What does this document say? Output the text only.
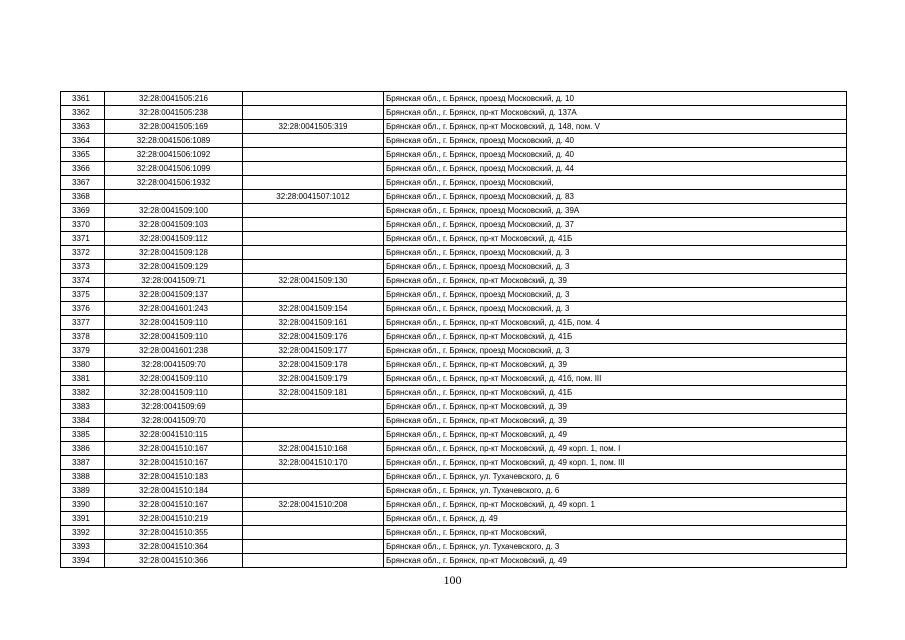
3361	32:28:0041505:216		Брянская обл., г. Брянск, проезд Московский, д. 10
3362	32:28:0041505:238		Брянская обл., г. Брянск, пр-кт Московский, д. 137А
3363	32:28:0041505:169	32:28:0041505:319	Брянская обл., г. Брянск, пр-кт Московский, д. 148, пом. V
3364	32:28:0041506:1089		Брянская обл., г. Брянск, проезд Московский, д. 40
3365	32:28:0041506:1092		Брянская обл., г. Брянск, проезд Московский, д. 40
3366	32:28:0041506:1099		Брянская обл., г. Брянск, проезд Московский, д. 44
3367	32:28:0041506:1932		Брянская обл., г. Брянск, проезд Московский,
3368		32:28:0041507:1012	Брянская обл., г. Брянск, проезд Московский, д. 83
3369	32:28:0041509:100		Брянская обл., г. Брянск, проезд Московский, д. 39А
3370	32:28:0041509:103		Брянская обл., г. Брянск, проезд Московский, д. 37
3371	32:28:0041509:112		Брянская обл., г. Брянск, пр-кт Московский, д. 41Б
3372	32:28:0041509:128		Брянская обл., г. Брянск, проезд Московский, д. 3
3373	32:28:0041509:129		Брянская обл., г. Брянск, проезд Московский, д. 3
3374	32:28:0041509:71	32:28:0041509:130	Брянская обл., г. Брянск, пр-кт Московский, д. 39
3375	32:28:0041509:137		Брянская обл., г. Брянск, проезд Московский, д. 3
3376	32:28:0041601:243	32:28:0041509:154	Брянская обл., г. Брянск, проезд Московский, д. 3
3377	32:28:0041509:110	32:28:0041509:161	Брянская обл., г. Брянск, пр-кт Московский, д. 41Б, пом. 4
3378	32:28:0041509:110	32:28:0041509:176	Брянская обл., г. Брянск, пр-кт Московский, д. 41Б
3379	32:28:0041601:238	32:28:0041509:177	Брянская обл., г. Брянск, проезд Московский, д. 3
3380	32:28:0041509:70	32:28:0041509:178	Брянская обл., г. Брянск, пр-кт Московский, д. 39
3381	32:28:0041509:110	32:28:0041509:179	Брянская обл., г. Брянск, пр-кт Московский, д. 41б, пом. III
3382	32:28:0041509:110	32:28:0041509:181	Брянская обл., г. Брянск, пр-кт Московский, д. 41Б
3383	32:28:0041509:69		Брянская обл., г. Брянск, пр-кт Московский, д. 39
3384	32:28:0041509:70		Брянская обл., г. Брянск, пр-кт Московский, д. 39
3385	32:28:0041510:115		Брянская обл., г. Брянск, пр-кт Московский, д. 49
3386	32:28:0041510:167	32:28:0041510:168	Брянская обл., г. Брянск, пр-кт Московский, д. 49 корп. 1, пом. I
3387	32:28:0041510:167	32:28:0041510:170	Брянская обл., г. Брянск, пр-кт Московский, д. 49 корп. 1, пом. III
3388	32:28:0041510:183		Брянская обл., г. Брянск, ул. Тухачевского, д. 6
3389	32:28:0041510:184		Брянская обл., г. Брянск, ул. Тухачевского, д. 6
3390	32:28:0041510:167	32:28:0041510:208	Брянская обл., г. Брянск, пр-кт Московский, д. 49 корп. 1
3391	32:28:0041510:219		Брянская обл., г. Брянск, д. 49
3392	32:28:0041510:355		Брянская обл., г. Брянск, пр-кт Московский,
3393	32:28:0041510:364		Брянская обл., г. Брянск, ул. Тухачевского, д. 3
3394	32:28:0041510:366		Брянская обл., г. Брянск, пр-кт Московский, д. 49
100
